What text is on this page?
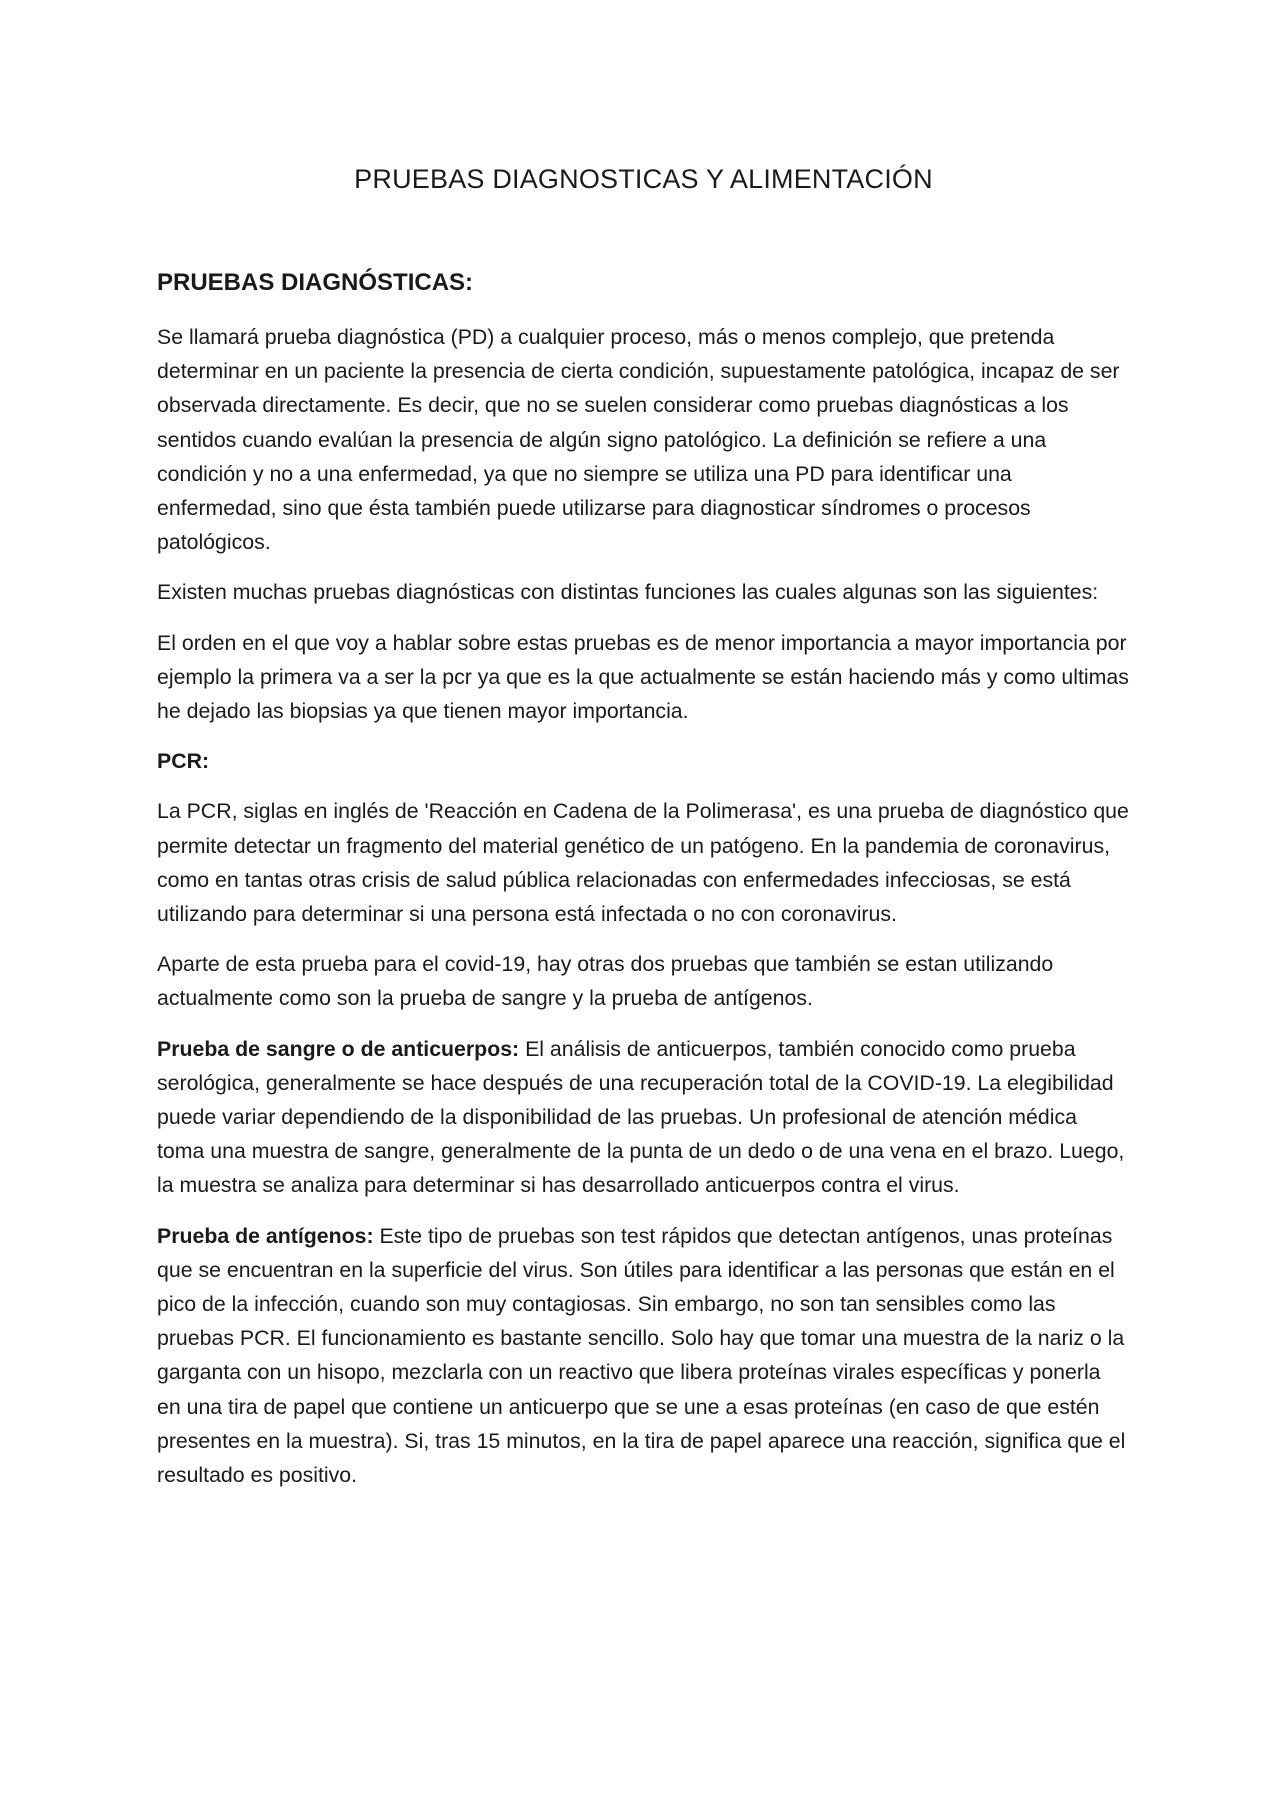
PRUEBAS DIAGNOSTICAS Y ALIMENTACIÓN
PRUEBAS DIAGNÓSTICAS:

Se llamará prueba diagnóstica (PD) a cualquier proceso, más o menos complejo, que pretenda determinar en un paciente la presencia de cierta condición, supuestamente patológica, incapaz de ser observada directamente. Es decir, que no se suelen considerar como pruebas diagnósticas a los sentidos cuando evalúan la presencia de algún signo patológico. La definición se refiere a una condición y no a una enfermedad, ya que no siempre se utiliza una PD para identificar una enfermedad, sino que ésta también puede utilizarse para diagnosticar síndromes o procesos patológicos.

Existen muchas pruebas diagnósticas con distintas funciones las cuales algunas son las siguientes:

El orden en el que voy a hablar sobre estas pruebas es de menor importancia a mayor importancia por ejemplo la primera va a ser la pcr ya que es la que actualmente se están haciendo más y como ultimas he dejado las biopsias ya que tienen mayor importancia.

PCR:

La PCR, siglas en inglés de 'Reacción en Cadena de la Polimerasa', es una prueba de diagnóstico que permite detectar un fragmento del material genético de un patógeno. En la pandemia de coronavirus, como en tantas otras crisis de salud pública relacionadas con enfermedades infecciosas, se está utilizando para determinar si una persona está infectada o no con coronavirus.

Aparte de esta prueba para el covid-19, hay otras dos pruebas que también se estan utilizando actualmente como son la prueba de sangre y la prueba de antígenos.

Prueba de sangre o de anticuerpos: El análisis de anticuerpos, también conocido como prueba serológica, generalmente se hace después de una recuperación total de la COVID-19. La elegibilidad puede variar dependiendo de la disponibilidad de las pruebas. Un profesional de atención médica toma una muestra de sangre, generalmente de la punta de un dedo o de una vena en el brazo. Luego, la muestra se analiza para determinar si has desarrollado anticuerpos contra el virus.

Prueba de antígenos: Este tipo de pruebas son test rápidos que detectan antígenos, unas proteínas que se encuentran en la superficie del virus. Son útiles para identificar a las personas que están en el pico de la infección, cuando son muy contagiosas. Sin embargo, no son tan sensibles como las pruebas PCR. El funcionamiento es bastante sencillo. Solo hay que tomar una muestra de la nariz o la garganta con un hisopo, mezclarla con un reactivo que libera proteínas virales específicas y ponerla en una tira de papel que contiene un anticuerpo que se une a esas proteínas (en caso de que estén presentes en la muestra). Si, tras 15 minutos, en la tira de papel aparece una reacción, significa que el resultado es positivo.
